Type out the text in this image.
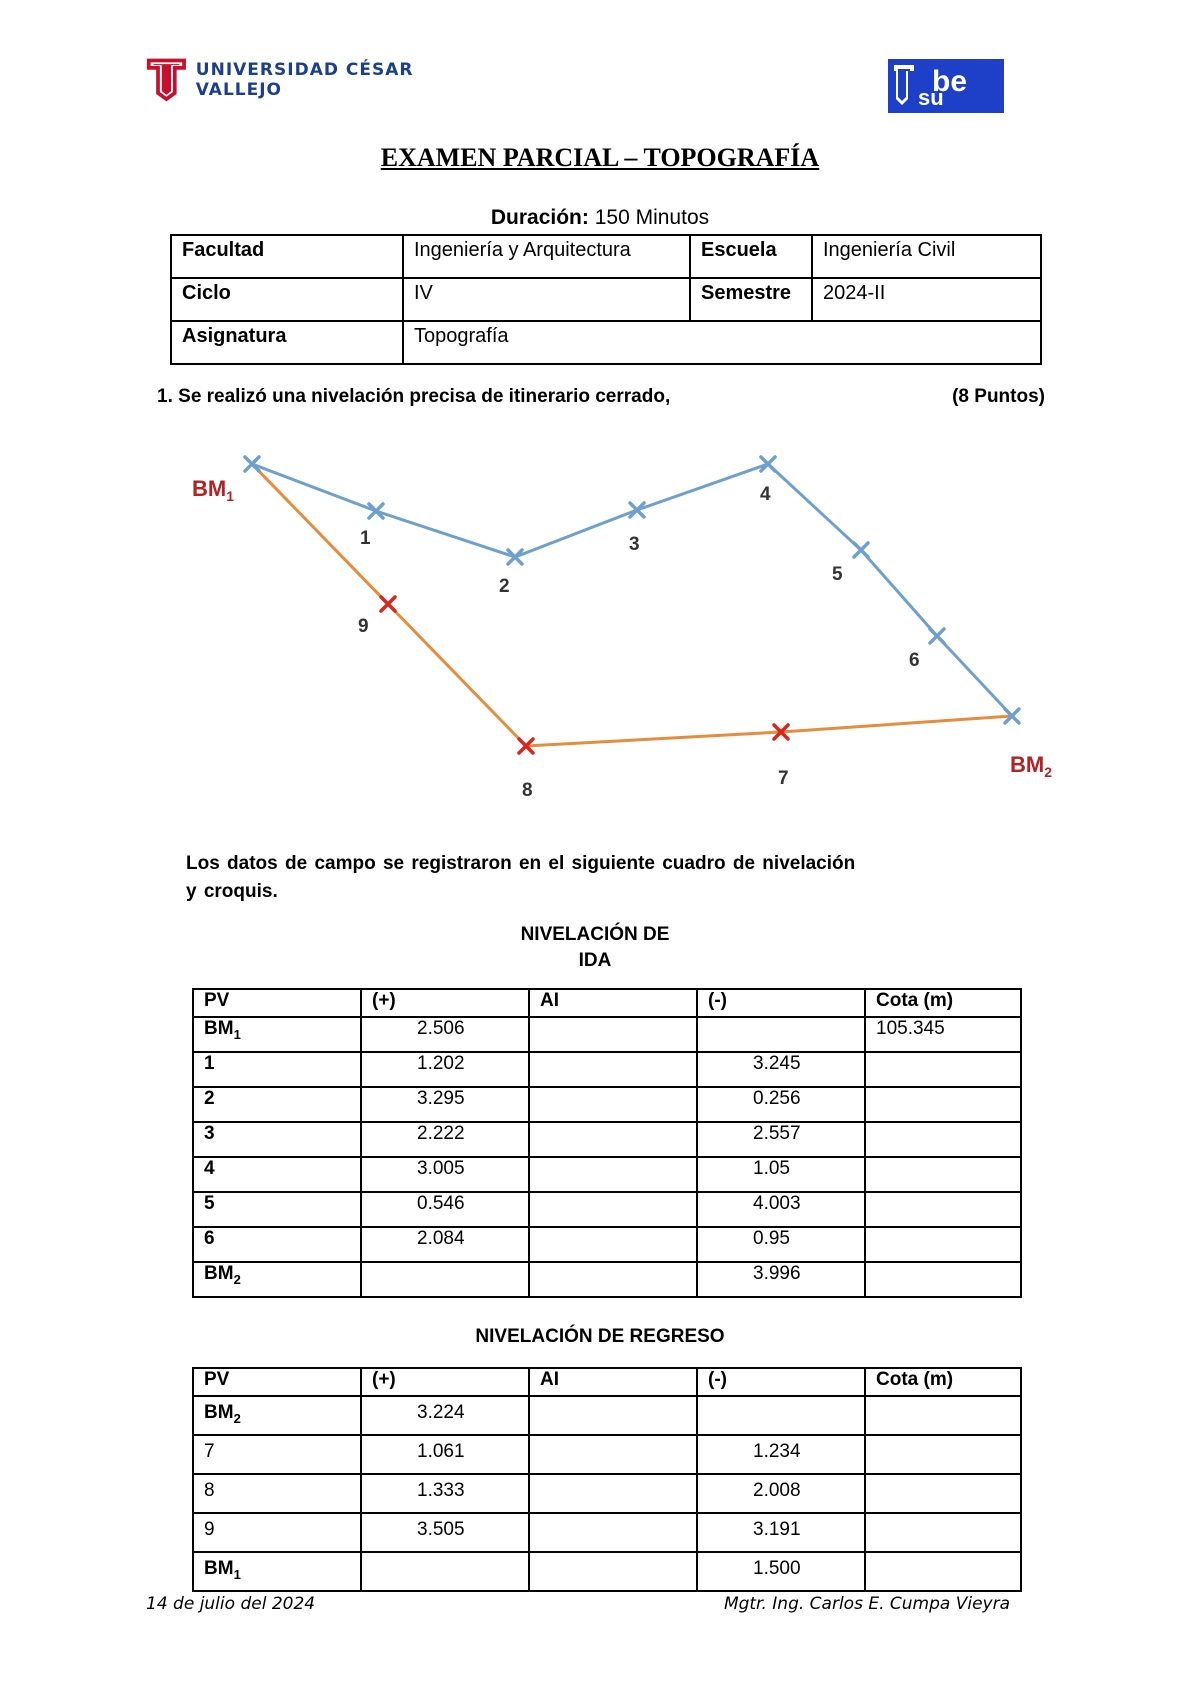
UNIVERSIDAD CÉSAR VALLEJO	be
su
EXAMEN PARCIAL – TOPOGRAFÍA
Duración: 150 Minutos
Facultad	Ingeniería y Arquitectura	Escuela	Ingeniería Civil
Ciclo	IV	Semestre	2024-II
Asignatura	Topografía		
1. Se realizó una nivelación precisa de itinerario cerrado,	(8 Puntos)
1
2
3
4
5
6
7
8
9
$BM_1$
$BM_2$
Los datos de campo se registraron en el siguiente cuadro de nivelación
y croquis.
NIVELACIÓN DE
IDA
PV	(+)	AI	(-)	Cota (m)
$BM_1$	2.506			105.345
1	1.202		3.245	
2	3.295		0.256	
3	2.222		2.557	
4	3.005		1.05	
5	0.546		4.003	
6	2.084		0.95	
$BM_2$			3.996	
NIVELACIÓN DE REGRESO
PV	(+)	AI	(-)	Cota (m)
$BM_2$	3.224			
7	1.061		1.234	
8	1.333		2.008	
9	3.505		3.191	
$BM_1$			1.500	
14 de julio del 2024	Mgtr. Ing. Carlos E. Cumpa Vieyra
